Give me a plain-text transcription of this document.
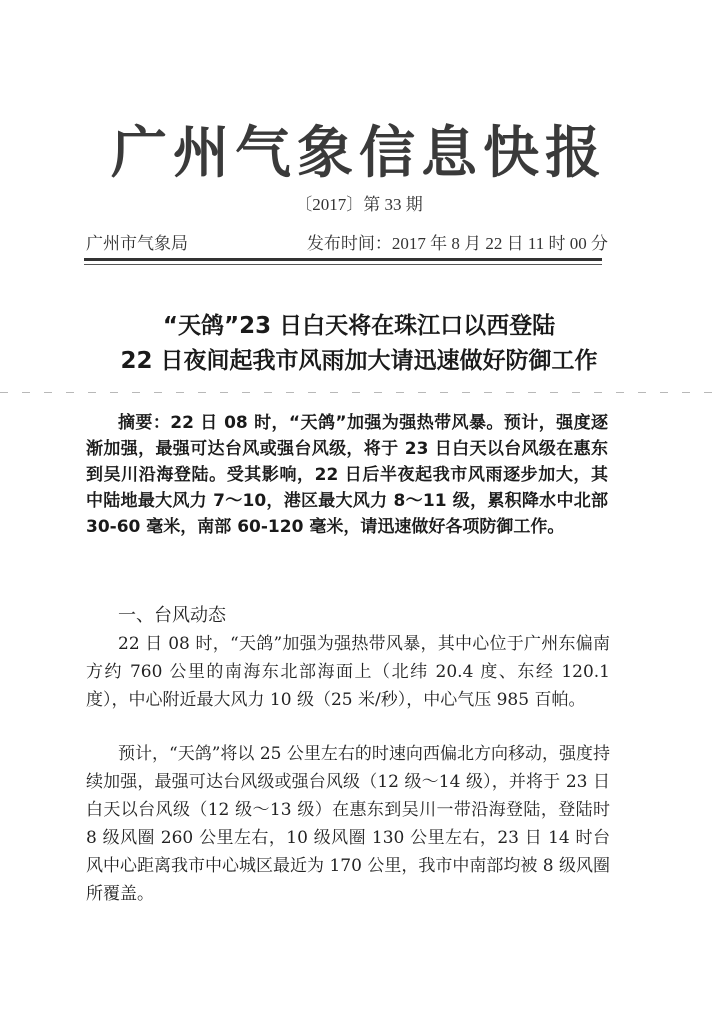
广州气象信息快报
〔2017〕第 33 期
广州市气象局	发布时间：2017 年 8 月 22 日 11 时 00 分
“天鸽”23 日白天将在珠江口以西登陆
22 日夜间起我市风雨加大请迅速做好防御工作
摘要：22 日 08 时，“天鸽”加强为强热带风暴。预计，强度逐渐加强，最强可达台风或强台风级，将于 23 日白天以台风级在惠东到吴川沿海登陆。受其影响，22 日后半夜起我市风雨逐步加大，其中陆地最大风力 7～10，港区最大风力 8～11 级，累积降水中北部 30-60 毫米，南部 60-120 毫米，请迅速做好各项防御工作。
一、台风动态
22 日 08 时，“天鸽”加强为强热带风暴，其中心位于广州东偏南方约 760 公里的南海东北部海面上（北纬 20.4 度、东经 120.1 度），中心附近最大风力 10 级（25 米/秒），中心气压 985 百帕。
预计，“天鸽”将以 25 公里左右的时速向西偏北方向移动，强度持续加强，最强可达台风级或强台风级（12 级～14 级），并将于 23 日白天以台风级（12 级～13 级）在惠东到吴川一带沿海登陆，登陆时 8 级风圈 260 公里左右，10 级风圈 130 公里左右，23 日 14 时台风中心距离我市中心城区最近为 170 公里，我市中南部均被 8 级风圈所覆盖。
